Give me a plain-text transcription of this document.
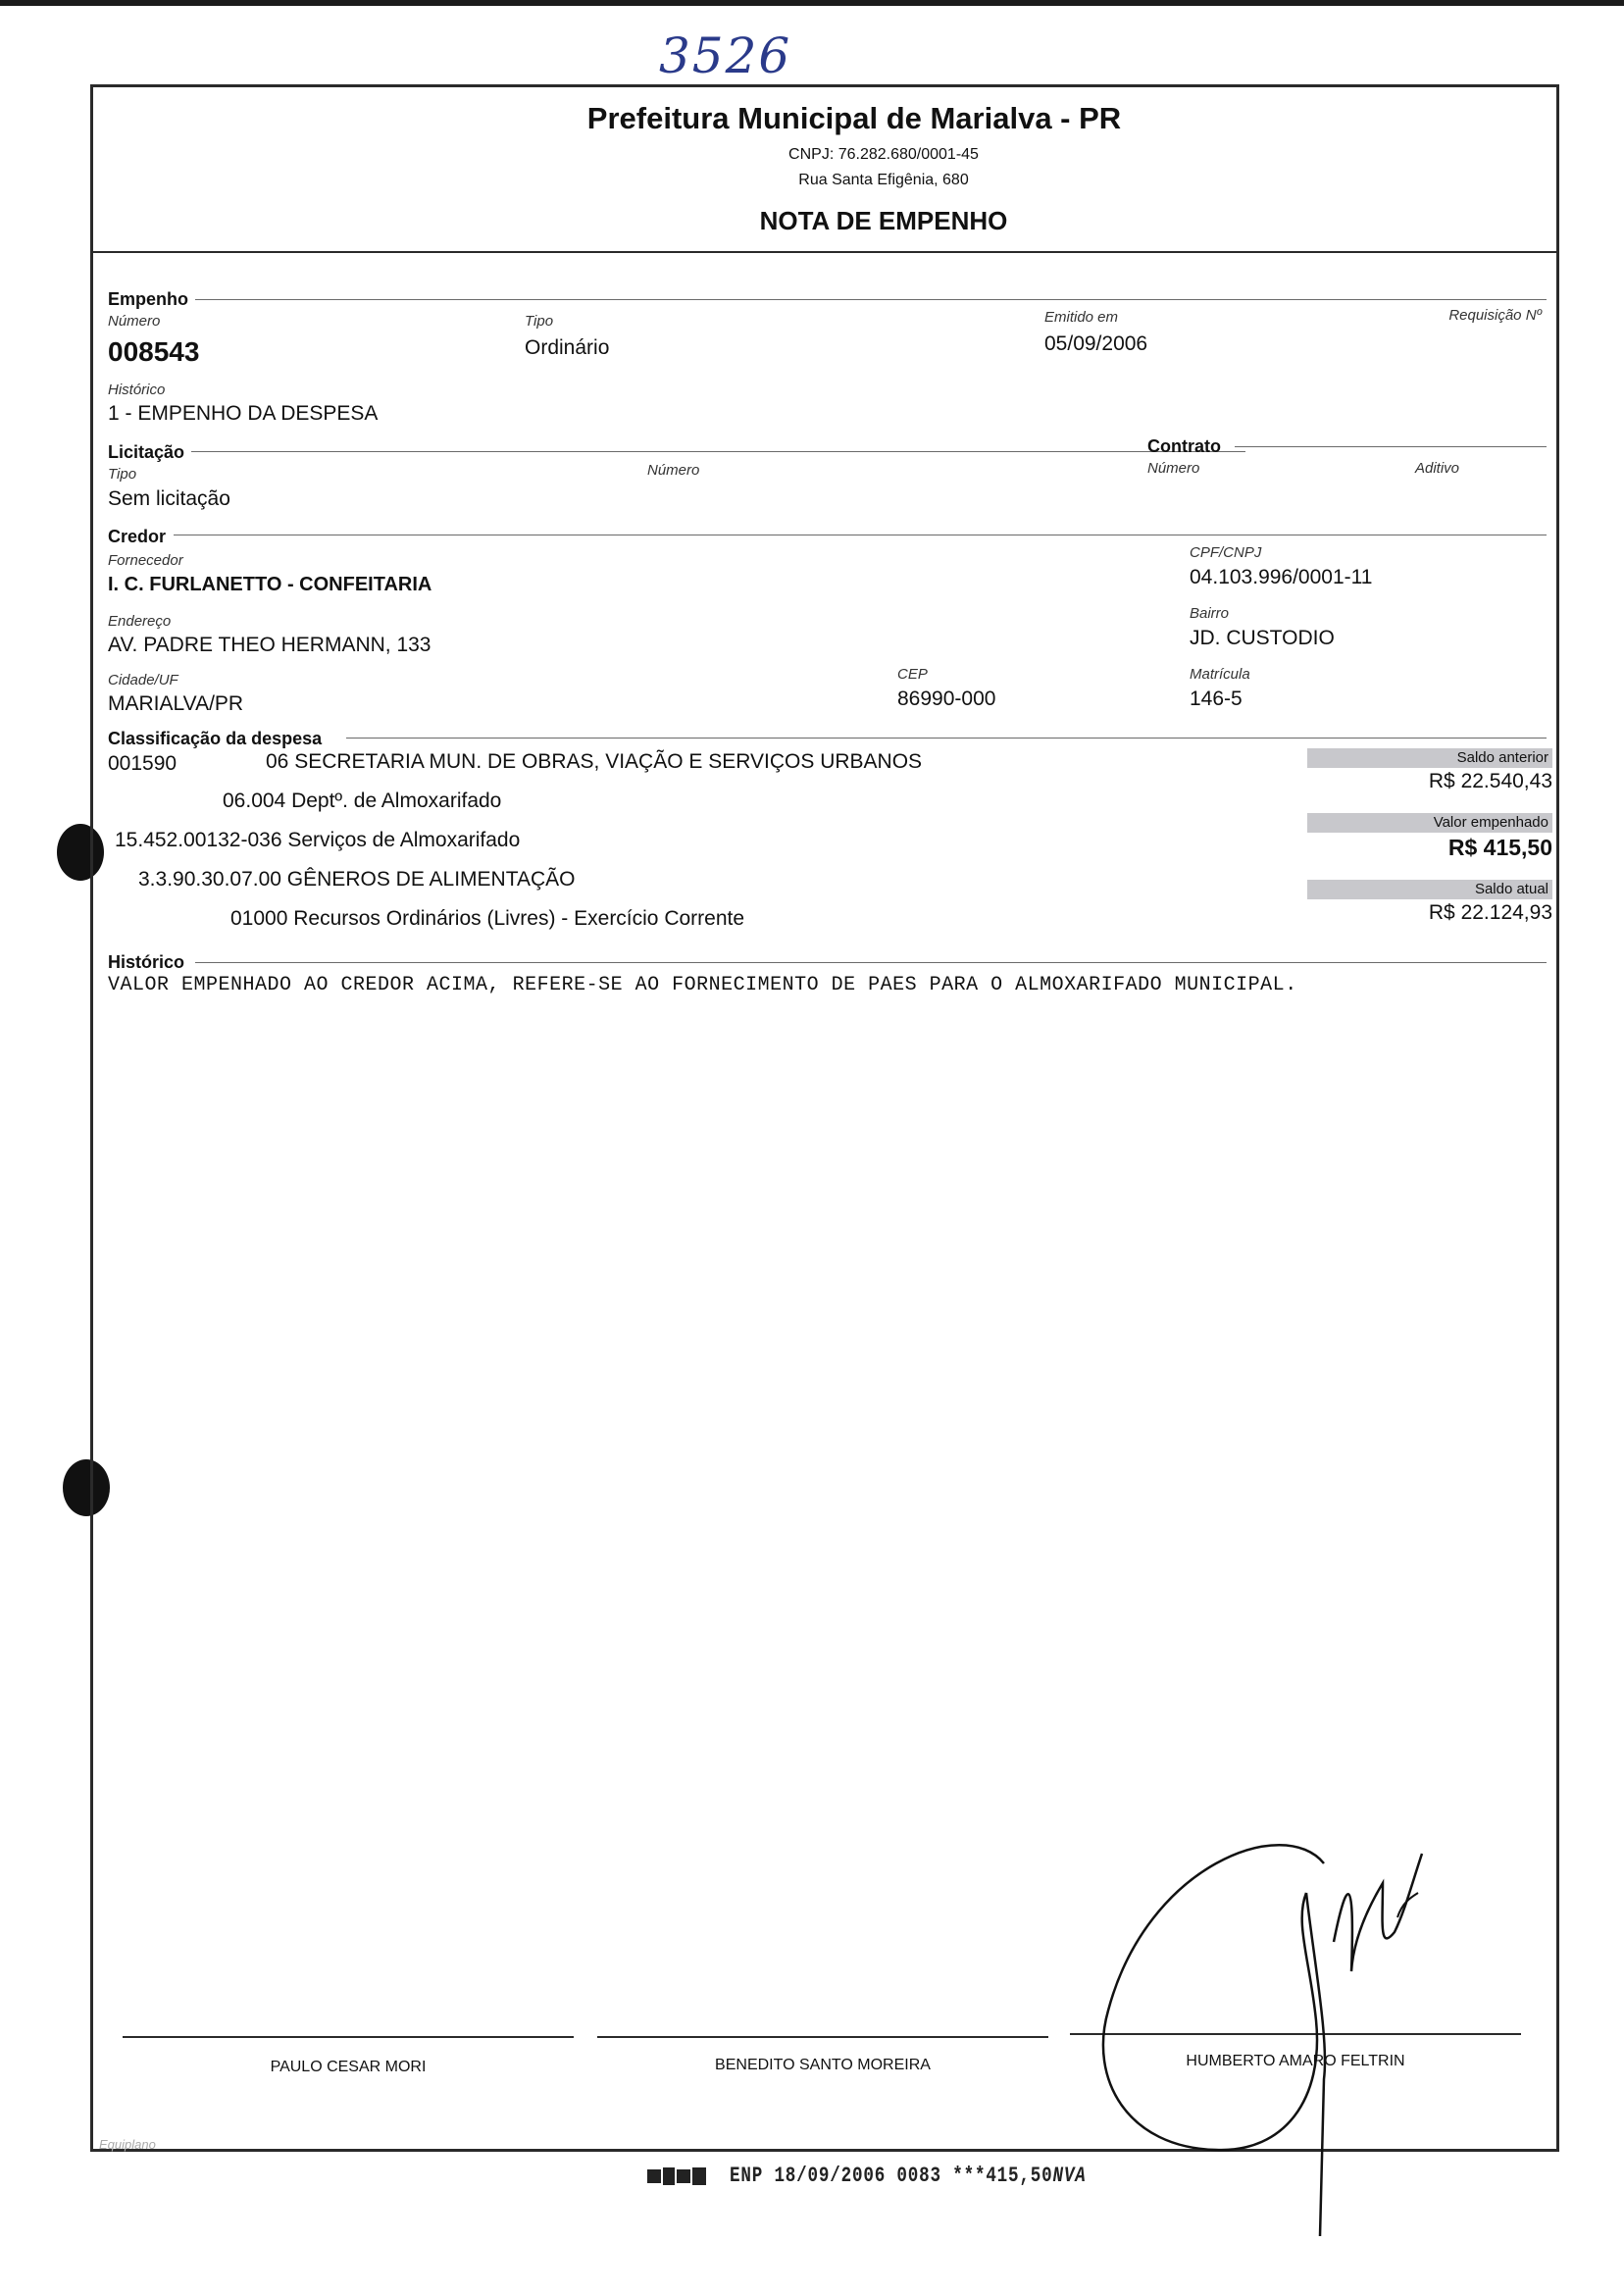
3526
Prefeitura Municipal de Marialva - PR
CNPJ: 76.282.680/0001-45
Rua Santa Efigênia, 680
NOTA DE EMPENHO
Empenho
Número
008543
Tipo
Ordinário
Emitido em
05/09/2006
Requisição Nº
Histórico
1 - EMPENHO DA DESPESA
Licitação	Contrato
Tipo
Sem licitação
Número	Número	Aditivo
Credor
Fornecedor
I. C. FURLANETTO - CONFEITARIA
CPF/CNPJ
04.103.996/0001-11
Endereço
AV. PADRE THEO HERMANN, 133
Bairro
JD. CUSTODIO
Cidade/UF
MARIALVA/PR
CEP
86990-000
Matrícula
146-5
Classificação da despesa
001590	06 SECRETARIA MUN. DE OBRAS, VIAÇÃO E SERVIÇOS URBANOS
06.004 Deptº. de Almoxarifado
15.452.00132-036 Serviços de Almoxarifado
3.3.90.30.07.00 GÊNEROS DE ALIMENTAÇÃO
01000 Recursos Ordinários (Livres) - Exercício Corrente
Saldo anterior
R$ 22.540,43
Valor empenhado
R$ 415,50
Saldo atual
R$ 22.124,93
Histórico
VALOR EMPENHADO AO CREDOR ACIMA, REFERE-SE AO FORNECIMENTO DE PAES PARA O ALMOXARIFADO MUNICIPAL.
PAULO CESAR MORI	BENEDITO SANTO MOREIRA	HUMBERTO AMARO FELTRIN
Equiplano
ENP 18/09/2006 0083 ***415,50NVA
